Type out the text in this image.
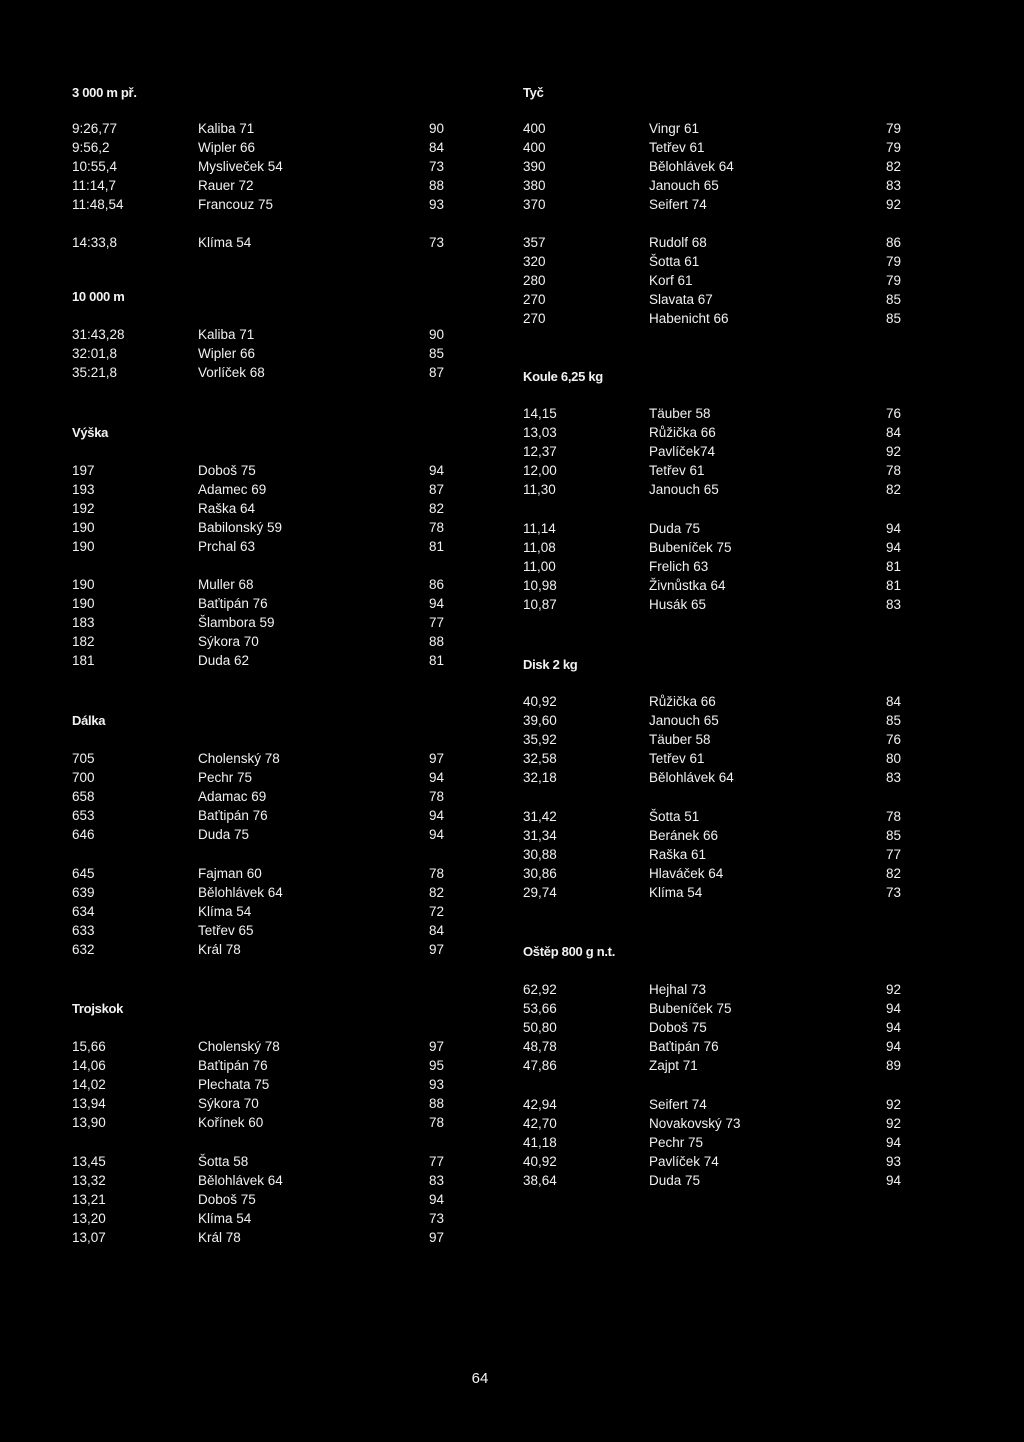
3 000 m př.
9:26,77	Kaliba 71	90
9:56,2	Wipler 66	84
10:55,4	Mysliveček 54	73
11:14,7	Rauer 72	88
11:48,54	Francouz 75	93
14:33,8	Klíma 54	73
10 000 m
31:43,28	Kaliba 71	90
32:01,8	Wipler 66	85
35:21,8	Vorlíček 68	87
Výška
197	Doboš 75	94
193	Adamec 69	87
192	Raška 64	82
190	Babilonský 59	78
190	Prchal 63	81
190	Muller 68	86
190	Baťtipán 76	94
183	Šlambora 59	77
182	Sýkora 70	88
181	Duda 62	81
Dálka
705	Cholenský 78	97
700	Pechr 75	94
658	Adamac 69	78
653	Baťtipán 76	94
646	Duda 75	94
645	Fajman 60	78
639	Bělohlávek 64	82
634	Klíma 54	72
633	Tetřev 65	84
632	Král 78	97
Trojskok
15,66	Cholenský 78	97
14,06	Baťtipán 76	95
14,02	Plechata 75	93
13,94	Sýkora 70	88
13,90	Kořínek 60	78
13,45	Šotta 58	77
13,32	Bělohlávek 64	83
13,21	Doboš 75	94
13,20	Klíma 54	73
13,07	Král 78	97
Tyč
400	Vingr 61	79
400	Tetřev 61	79
390	Bělohlávek 64	82
380	Janouch 65	83
370	Seifert 74	92
357	Rudolf 68	86
320	Šotta 61	79
280	Korf 61	79
270	Slavata 67	85
270	Habenicht 66	85
Koule 6,25 kg
14,15	Täuber 58	76
13,03	Růžička 66	84
12,37	Pavlíček74	92
12,00	Tetřev 61	78
11,30	Janouch 65	82
11,14	Duda 75	94
11,08	Bubeníček 75	94
11,00	Frelich 63	81
10,98	Živnůstka 64	81
10,87	Husák 65	83
Disk 2 kg
40,92	Růžička 66	84
39,60	Janouch 65	85
35,92	Täuber 58	76
32,58	Tetřev 61	80
32,18	Bělohlávek 64	83
31,42	Šotta 51	78
31,34	Beránek 66	85
30,88	Raška 61	77
30,86	Hlaváček 64	82
29,74	Klíma 54	73
Oštěp 800 g n.t.
62,92	Hejhal 73	92
53,66	Bubeníček 75	94
50,80	Doboš 75	94
48,78	Baťtipán 76	94
47,86	Zajpt 71	89
42,94	Seifert 74	92
42,70	Novakovský 73	92
41,18	Pechr 75	94
40,92	Pavlíček 74	93
38,64	Duda 75	94
64
